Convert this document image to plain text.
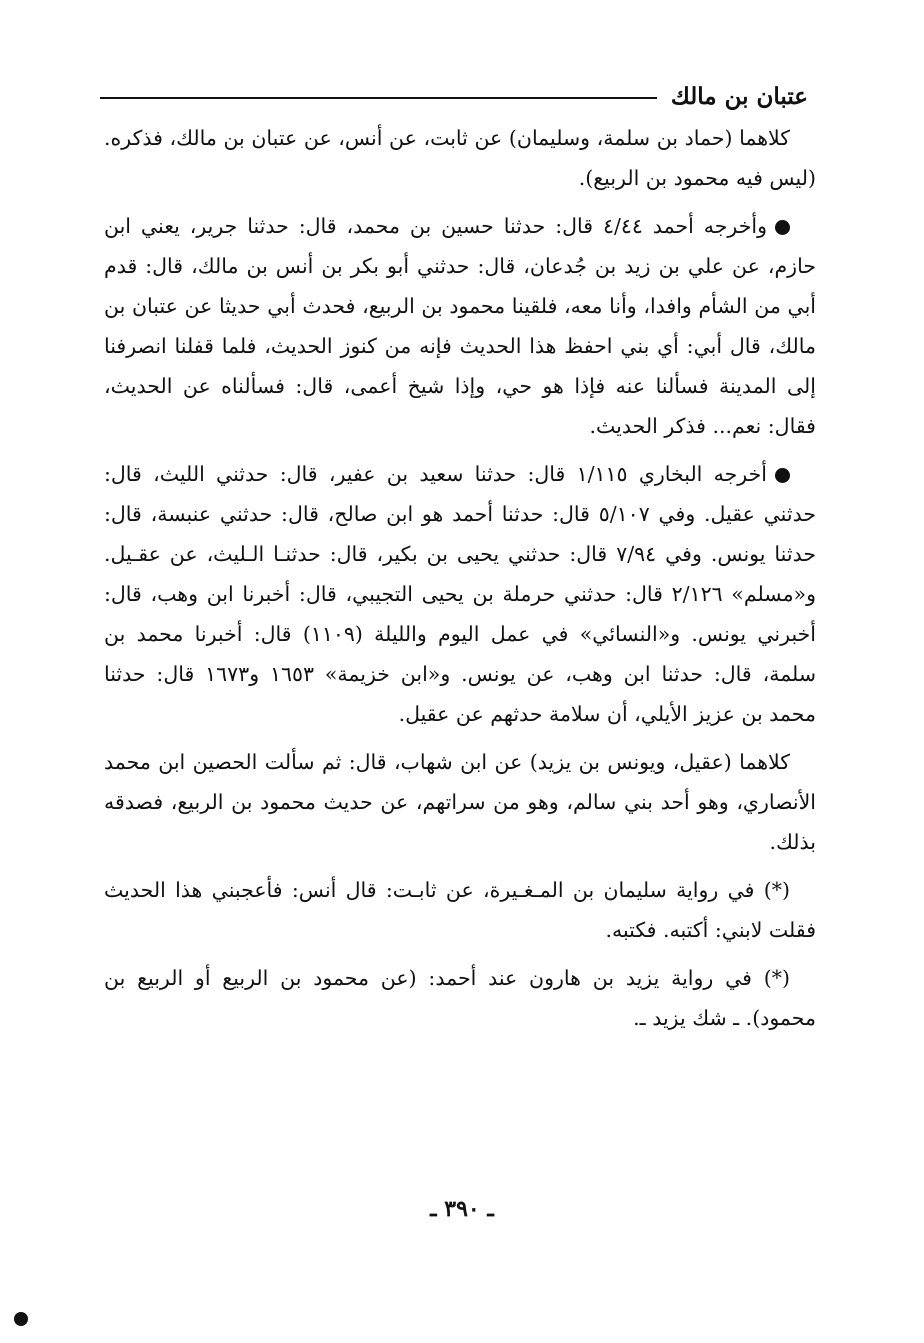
عتبان بن مالك

كلاهما (حماد بن سلمة، وسليمان) عن ثابت، عن أنس، عن عتبان بن مالك، فذكره. (ليس فيه محمود بن الربيع).

وأخرجه أحمد ٤/٤٤ قال: حدثنا حسين بن محمد، قال: حدثنا جرير، يعني ابن حازم، عن علي بن زيد بن جُدعان، قال: حدثني أبو بكر بن أنس بن مالك، قال: قدم أبي من الشأم وافدا، وأنا معه، فلقينا محمود بن الربيع، فحدث أبي حديثا عن عتبان بن مالك، قال أبي: أي بني احفظ هذا الحديث فإنه من كنوز الحديث، فلما قفلنا انصرفنا إلى المدينة فسألنا عنه فإذا هو حي، وإذا شيخ أعمى، قال: فسألناه عن الحديث، فقال: نعم... فذكر الحديث.

أخرجه البخاري ١/١١٥ قال: حدثنا سعيد بن عفير، قال: حدثني الليث، قال: حدثني عقيل. وفي ٥/١٠٧ قال: حدثنا أحمد هو ابن صالح، قال: حدثني عنبسة، قال: حدثنا يونس. وفي ٧/٩٤ قال: حدثني يحيى بن بكير، قال: حدثنـا الـليث، عن عقـيل. و«مسلم» ٢/١٢٦ قال: حدثني حرملة بن يحيى التجيبي، قال: أخبرنا ابن وهب، قال: أخبرني يونس. و«النسائي» في عمل اليوم والليلة (١١٠٩) قال: أخبرنا محمد بن سلمة، قال: حدثنا ابن وهب، عن يونس. و«ابن خزيمة» ١٦٥٣ و١٦٧٣ قال: حدثنا محمد بن عزيز الأيلي، أن سلامة حدثهم عن عقيل.

كلاهما (عقيل، ويونس بن يزيد) عن ابن شهاب، قال: ثم سألت الحصين ابن محمد الأنصاري، وهو أحد بني سالم، وهو من سراتهم، عن حديث محمود بن الربيع، فصدقه بذلك.

(*) في رواية سليمان بن المـغـيرة، عن ثابـت: قال أنس: فأعجبني هذا الحديث فقلت لابني: أكتبه. فكتبه.

(*) في رواية يزيد بن هارون عند أحمد: (عن محمود بن الربيع أو الربيع بن محمود). ـ شك يزيد ـ.

ـ ٣٩٠ ـ
